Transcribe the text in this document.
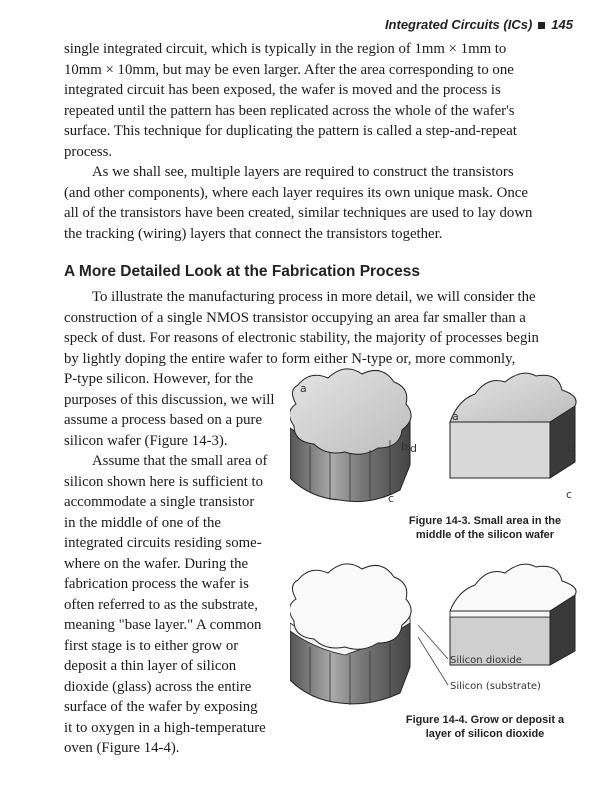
Integrated Circuits (ICs) 145

single integrated circuit, which is typically in the region of 1mm × 1mm to
10mm × 10mm, but may be even larger. After the area corresponding to one
integrated circuit has been exposed, the wafer is moved and the process is
repeated until the pattern has been replicated across the whole of the wafer's
surface. This technique for duplicating the pattern is called a step-and-repeat
process.

As we shall see, multiple layers are required to construct the transistors
(and other components), where each layer requires its own unique mask. Once
all of the transistors have been created, similar techniques are used to lay down
the tracking (wiring) layers that connect the transistors together.

A More Detailed Look at the Fabrication Process

To illustrate the manufacturing process in more detail, we will consider the
construction of a single NMOS transistor occupying an area far smaller than a
speck of dust. For reasons of electronic stability, the majority of processes begin
by lightly doping the entire wafer to form either N-type or, more commonly,

P-type silicon. However, for the
purposes of this discussion, we will
assume a process based on a pure
silicon wafer (Figure 14-3).

Assume that the small area of
silicon shown here is sufficient to
accommodate a single transistor
in the middle of one of the
integrated circuits residing some-
where on the wafer. During the
fabrication process the wafer is
often referred to as the substrate,
meaning "base layer." A common
first stage is to either grow or
deposit a thin layer of silicon
dioxide (glass) across the entire
surface of the wafer by exposing
it to oxygen in a high-temperature
oven (Figure 14-4).

a
b
c
a
d	b
c

Figure 14-3. Small area in the
middle of the silicon wafer

Silicon dioxide
Silicon (substrate)

Figure 14-4. Grow or deposit a
layer of silicon dioxide
